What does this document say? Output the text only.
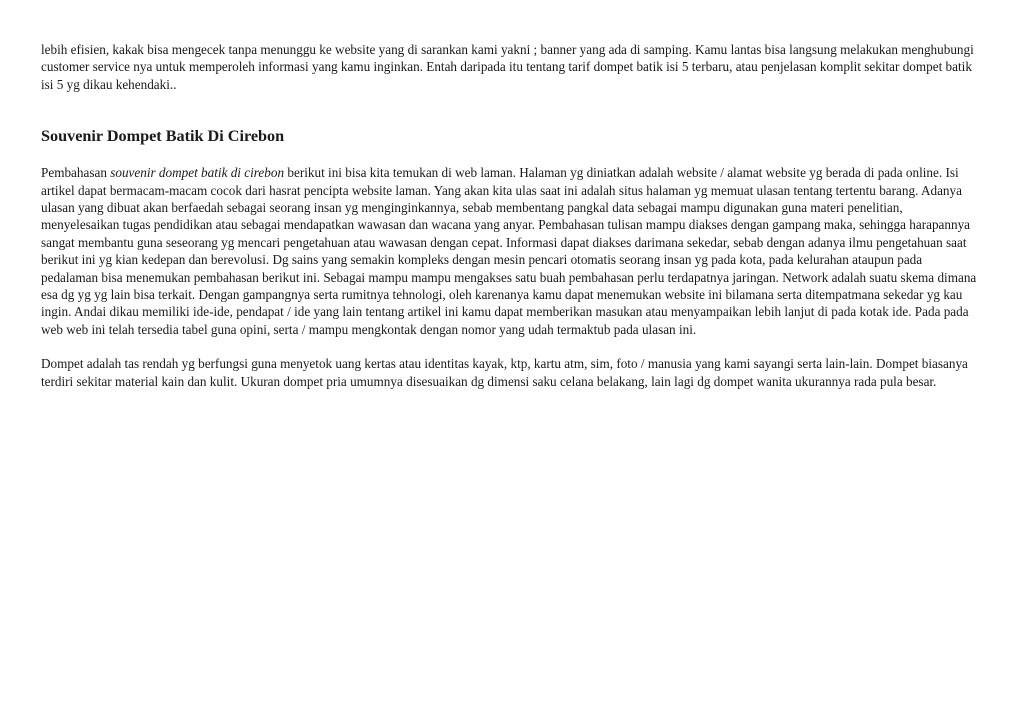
lebih efisien, kakak bisa mengecek tanpa menunggu ke website yang di sarankan kami yakni ; banner yang ada di samping. Kamu lantas bisa langsung melakukan menghubungi customer service nya untuk memperoleh informasi yang kamu inginkan. Entah daripada itu tentang tarif dompet batik isi 5 terbaru, atau penjelasan komplit sekitar dompet batik isi 5 yg dikau kehendaki..

Souvenir Dompet Batik Di Cirebon

Pembahasan souvenir dompet batik di cirebon berikut ini bisa kita temukan di web laman. Halaman yg diniatkan adalah website / alamat website yg berada di pada online. Isi artikel dapat bermacam-macam cocok dari hasrat pencipta website laman. Yang akan kita ulas saat ini adalah situs halaman yg memuat ulasan tentang tertentu barang. Adanya ulasan yang dibuat akan berfaedah sebagai seorang insan yg menginginkannya, sebab membentang pangkal data sebagai mampu digunakan guna materi penelitian, menyelesaikan tugas pendidikan atau sebagai mendapatkan wawasan dan wacana yang anyar. Pembahasan tulisan mampu diakses dengan gampang maka, sehingga harapannya sangat membantu guna seseorang yg mencari pengetahuan atau wawasan dengan cepat. Informasi dapat diakses darimana sekedar, sebab dengan adanya ilmu pengetahuan saat berikut ini yg kian kedepan dan berevolusi. Dg sains yang semakin kompleks dengan mesin pencari otomatis seorang insan yg pada kota, pada kelurahan ataupun pada pedalaman bisa menemukan pembahasan berikut ini. Sebagai mampu mampu mengakses satu buah pembahasan perlu terdapatnya jaringan. Network adalah suatu skema dimana esa dg yg yg lain bisa terkait. Dengan gampangnya serta rumitnya tehnologi, oleh karenanya kamu dapat menemukan website ini bilamana serta ditempatmana sekedar yg kau ingin. Andai dikau memiliki ide-ide, pendapat / ide yang lain tentang artikel ini kamu dapat memberikan masukan atau menyampaikan lebih lanjut di pada kotak ide. Pada pada web web ini telah tersedia tabel guna opini, serta / mampu mengkontak dengan nomor yang udah termaktub pada ulasan ini.

Dompet adalah tas rendah yg berfungsi guna menyetok uang kertas atau identitas kayak, ktp, kartu atm, sim, foto / manusia yang kami sayangi serta lain-lain. Dompet biasanya terdiri sekitar material kain dan kulit. Ukuran dompet pria umumnya disesuaikan dg dimensi saku celana belakang, lain lagi dg dompet wanita ukurannya rada pula besar.
